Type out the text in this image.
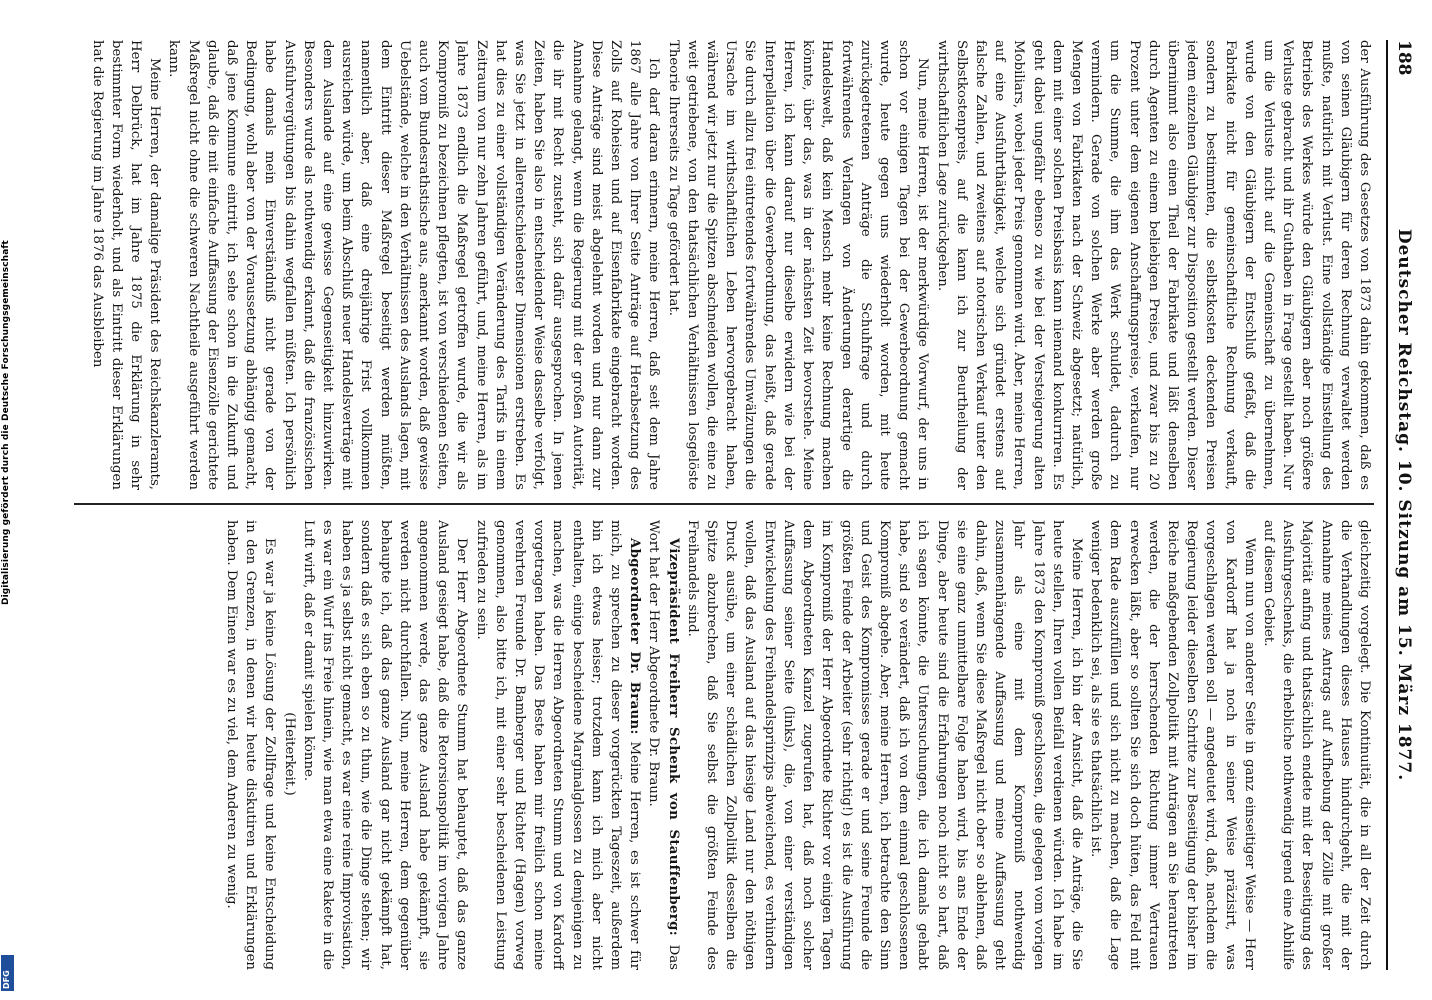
Digitalisierung gefördert durch die Deutsche Forschungsgemeinschaft
DFG
188
Deutscher Reichstag. 10. Sitzung am 15. März 1877.

der Ausführung des Gesetzes von 1873 dahin gekommen, daß es von seinen Gläubigern für deren Rechnung verwaltet werden mußte, natürlich mit Verlust. Eine vollständige Einstellung des Betriebs des Werkes würde den Gläubigern aber noch größere Verluste gebracht und ihr Guthaben in Frage gestellt haben. Nur um die Verluste nicht auf die Gemeinschaft zu übernehmen, wurde von den Gläubigern der Entschluß gefaßt, daß die Fabrikate nicht für gemeinschaftliche Rechnung verkauft, sondern zu bestimmten, die selbstkosten deckenden Preisen jedem einzelnen Gläubiger zur Disposition gestellt werden. Dieser übernimmt also einen Theil der Fabrikate und läßt denselben durch Agenten zu einem beliebigen Preise, und zwar bis zu 20 Prozent unter dem eigenen Anschaffungspreise, verkaufen, nur um die Summe, die ihm das Werk schuldet, dadurch zu vermindern. Gerade von solchen Werke aber werden große Mengen von Fabrikaten nach der Schweiz abgesetzt; natürlich, denn mit einer solchen Preisbasis kann niemand konkurriren. Es geht dabei ungefähr ebenso zu wie bei der Versteigerung alten Mobiliars, wobei jeder Preis genommen wird. Aber, meine Herren, auf eine Ausfuhrthätigkeit, welche sich gründet erstens auf falsche Zahlen, und zweitens auf notorischen Verkauf unter den Selbstkostenpreis, auf die kann ich zur Beurtheilung der wirthschaftlichen Lage zurückgehen.

Nun, meine Herren, ist der merkwürdige Vorwurf, der uns in schon vor einigen Tagen bei der Gewerbeordnung gemacht wurde, heute gegen uns wiederholt worden, mit heute zurückgetretenen Anträge die Schuhfrage und durch fortwährendes Verlangen von Änderungen derartige die Handelswelt, daß kein Mensch mehr keine Rechnung machen könnte, über das, was in der nächsten Zeit bevorstehe. Meine Herren, ich kann darauf nur dieselbe erwidern wie bei der Interpellation über die Gewerbeordnung, das heißt, daß gerade Sie durch allzu frei eintretendes fortwährendes Umwälzungen die Ursache im wirthschaftlichen Leben hervorgebracht haben, während wir jetzt nur die Spitzen abschneiden wollen, die eine zu weit getriebene, von den thatsächlichen Verhältnissen losgelöste Theorie Ihrerseits zu Tage gefördert hat.

Ich darf daran erinnern, meine Herren, daß seit dem Jahre 1867 alle Jahre von Ihrer Seite Anträge auf Herabsetzung des Zolls auf Roheisen und auf Eisenfabrikate eingebracht worden. Diese Anträge sind meist abgelehnt worden und nur dann zur Annahme gelangt, wenn die Regierung mit der großen Autorität, die ihr mit Recht zusteht, sich dafür ausgesprochen. In jenen Zeiten, haben Sie also in entscheidender Weise dasselbe verfolgt, was Sie jetzt in allerentschiedenster Dimensionen erstreben. Es hat dies zu einer vollständigen Veränderung des Tarifs in einem Zeitraum von nur zehn Jahren geführt, und, meine Herren, als im Jahre 1873 endlich die Maßregel getroffen wurde, die wir als Kompromiß zu bezeichnen pflegten, ist von verschiedenen Seiten, auch vom Bundesrathstische aus, anerkannt worden, daß gewisse Uebelstände, welche in den Verhältnissen des Auslands lagen, mit dem Eintritt dieser Maßregel beseitigt werden müßten, namentlich aber, daß eine dreijährige Frist vollkommen ausreichen würde, um beim Abschluß neuer Handelsverträge mit dem Auslande auf eine gewisse Gegenseitigkeit hinzuwirken. Besonders wurde als nothwendig erkannt, daß die französischen Ausfuhrvergütungen bis dahin wegfallen müßten. Ich persönlich habe damals mein Einverständniß nicht gerade von der Bedingung, wohl aber von der Voraussetzung abhängig gemacht, daß jene Kommune eintritt, ich sehe schon in die Zukunft und glaube, daß die mit einfache Auffassung der Eisenzölle gerichtete Maßregel nicht ohne die schweren Nachtheile ausgeführt werden kann.

Meine Herren, der damalige Präsident des Reichskanzleramts, Herr Delbrück, hat im Jahre 1875 die Erklärung in sehr bestimmter Form wiederholt, und als Eintritt dieser Erklärungen hat die Regierung im Jahre 1876 das Ausbleiben

gleichzeitig vorgelegt. Die Kontinuität, die in all der Zeit durch die Verhandlungen dieses Hauses hindurchgeht, die mit der Annahme meines Antrags auf Aufhebung der Zölle mit großer Majorität anfing und thatsächlich endete mit der Beseitigung des Ausfuhrgeschenks, die erhebliche nothwendig irgend eine Abhilfe auf diesem Gebiet.

Wenn nun von anderer Seite in ganz einseitiger Weise — Herr von Kardorff hat ja noch in seiner Weise präzisirt, was vorgeschlagen werden soll — angedeutet wird, daß, nachdem die Regierung leider dieselben Schritte zur Beseitigung der bisher im Reiche maßgebenden Zollpolitik mit Anträgen an Sie herantreten werden, die der herrschenden Richtung immer Vertrauen erwecken läßt, aber so sollten Sie sich doch hüten, das Feld mit dem Rade auszufüllen und sich nicht zu machen, daß die Lage weniger bedenklich sei, als sie es thatsächlich ist.

Meine Herren, ich bin der Ansicht, daß die Anträge, die Sie heute stellen, Ihren vollen Beifall verdienen würden. Ich habe im Jahre 1873 den Kompromiß geschlossen, die gelegen vom vorigen Jahr als eine mit dem Kompromiß nothwendig zusammenhängende Auffassung und meine Auffassung geht dahin, daß, wenn Sie diese Maßregel nicht ober so ablehnen, daß sie eine ganz unmittelbare Folge haben wird, bis ans Ende der Dinge, aber heute sind die Erfahrungen noch nicht so hart, daß ich sagen könnte, die Untersuchungen, die ich damals gehabt habe, sind so verändert, daß ich von dem einmal geschlossenen Kompromiß abgehe. Aber, meine Herren, ich betrachte den Sinn und Geist des Kompromisses gerade er und seine Freunde die größten Feinde der Arbeiter (sehr richtig!) es ist die Ausführung im Kompromiß der Herr Abgeordnete Richter vor einigen Tagen dem Abgeordneten Kanzel zugerufen hat, daß noch solcher Auffassung seiner Seite (links), die, von einer verständigen Entwickelung des Freihandelsprinzips abweichend, es verhindern wollen, daß das Ausland auf das hiesige Land nur den nöthigen Druck ausübe, um einer schädlichen Zollpolitik desselben die Spitze abzubrechen, daß Sie selbst die größten Feinde des Freihandels sind.

Vizepräsident Freiherr Schenk von Stauffenberg: Das Wort hat der Herr Abgeordnete Dr. Braun.

Abgeordneter Dr. Braun: Meine Herren, es ist schwer für mich, zu sprechen zu dieser vorgerückten Tageszeit, außerdem bin ich etwas heiser; trotzdem kann ich mich aber nicht enthalten, einige bescheidene Marginalglossen zu demjenigen zu machen, was die Herren Abgeordneten Stumm und von Kardorff vorgetragen haben. Das Beste haben mir freilich schon meine verehrten Freunde Dr. Bamberger und Richter (Hagen) vorweg genommen, also bitte ich, mit einer sehr bescheidenen Leistung zufrieden zu sein.

Der Herr Abgeordnete Stumm hat behauptet, daß das ganze Ausland gesiegt habe, daß die Retorsionspolitik im vorigen Jahre angenommen werde, das ganze Ausland habe gekämpft, sie werden nicht durchfallen. Nun, meine Herren, dem gegenüber behaupte ich, daß das ganze Ausland gar nicht gekämpft hat, sondern daß es sich eben so zu thun, wie die Dinge stehen; wir haben es ja selbst nicht gemacht, es war eine reine Improvisation, es war ein Wurf ins Freie hinein, wie man etwa eine Rakete in die Luft wirft, daß er damit spielen könne.

(Heiterkeit.)

Es war ja keine Lösung der Zollfrage und keine Entscheidung in den Grenzen, in denen wir heute diskutiren und Erklärungen haben. Dem Einen war es zu viel, dem Anderen zu wenig.
